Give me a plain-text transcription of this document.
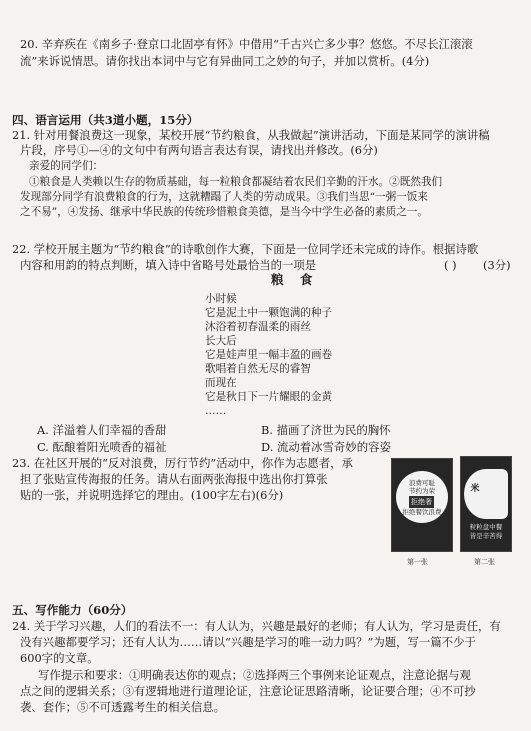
20. 辛弃疾在《南乡子·登京口北固亭有怀》中借用“千古兴亡多少事？悠悠。不尽长江滚滚
流”来诉说情思。请你找出本词中与它有异曲同工之妙的句子，并加以赏析。(4分)
四、语言运用（共3道小题，15分）
21. 针对用餐浪费这一现象，某校开展“节约粮食，从我做起”演讲活动，下面是某同学的演讲稿
片段，序号①—④的文句中有两句语言表达有误，请找出并修改。(6分)
亲爱的同学们：
①粮食是人类赖以生存的物质基础，每一粒粮食都凝结着农民们辛勤的汗水。②既然我们
发现部分同学有浪费粮食的行为，这就糟蹋了人类的劳动成果。③我们当思“一粥一饭来
之不易”，④发扬、继承中华民族的传统珍惜粮食美德，是当今中学生必备的素质之一。
22. 学校开展主题为“节约粮食”的诗歌创作大赛，下面是一位同学还未完成的诗作。根据诗歌
内容和用韵的特点判断，填入诗中省略号处最恰当的一项是	( ) (3分)
粮 食
小时候
它是泥土中一颗饱满的种子
沐浴着初春温柔的雨丝
长大后
它是娃声里一幅丰盈的画卷
歌唱着自然无尽的睿智
而现在
它是秋日下一片耀眼的金黄
……
A. 洋溢着人们幸福的香甜	B. 描画了济世为民的胸怀
C. 酝酿着阳光喷香的福祉	D. 流动着冰雪奇妙的容姿
23. 在社区开展的“反对浪费，厉行节约”活动中，你作为志愿者，承
担了张贴宣传海报的任务。请从右面两张海报中选出你打算张
贴的一张，并说明选择它的理由。(100字左右)(6分)
浪费可耻
节约为荣
拒绝奢
拒绝餐饮浪费
第一张
米
粒粒盘中餐
皆是辛苦得
第二张
五、写作能力（60分）
24. 关于学习兴趣，人们的看法不一：有人认为，兴趣是最好的老师；有人认为，学习是责任，有
没有兴趣都要学习；还有人认为……请以“兴趣是学习的唯一动力吗？”为题，写一篇不少于
600字的文章。
写作提示和要求：①明确表达你的观点；②选择两三个事例来论证观点，注意论据与观
点之间的逻辑关系；③有逻辑地进行道理论证，注意论证思路清晰，论证要合理；④不可抄
袭、套作；⑤不可透露考生的相关信息。
